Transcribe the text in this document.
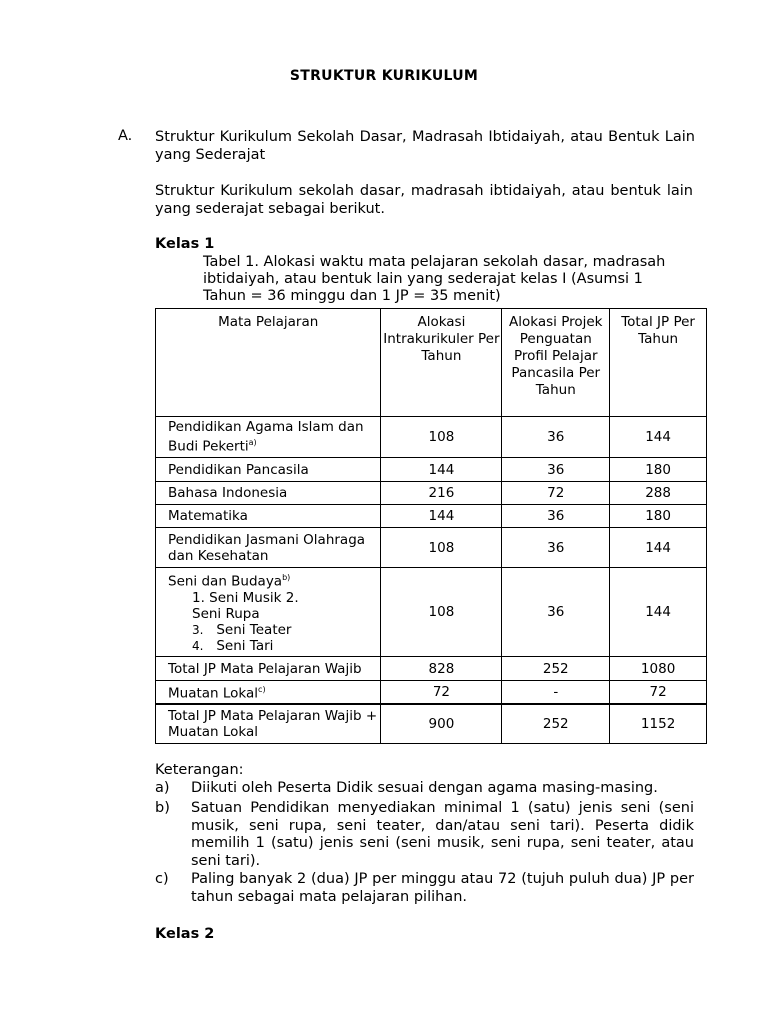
STRUKTUR KURIKULUM
A. Struktur Kurikulum Sekolah Dasar, Madrasah Ibtidaiyah, atau Bentuk Lain yang Sederajat
Struktur Kurikulum sekolah dasar, madrasah ibtidaiyah, atau bentuk lain yang sederajat sebagai berikut.
Kelas 1
Tabel 1. Alokasi waktu mata pelajaran sekolah dasar, madrasah ibtidaiyah, atau bentuk lain yang sederajat kelas I (Asumsi 1 Tahun = 36 minggu dan 1 JP = 35 menit)
Mata Pelajaran	Alokasi Intrakurikuler Per Tahun	Alokasi Projek Penguatan Profil Pelajar Pancasila Per Tahun	Total JP Per Tahun
Pendidikan Agama Islam dan Budi Pekerti$^{a)}$	108	36	144
Pendidikan Pancasila	144	36	180
Bahasa Indonesia	216	72	288
Matematika	144	36	180
Pendidikan Jasmani Olahraga dan Kesehatan	108	36	144
Seni dan Budaya$^{b)}$
1. Seni Musik 2.
Seni Rupa
3. Seni Teater
4. Seni Tari	108	36	144
Total JP Mata Pelajaran Wajib	828	252	1080
Muatan Lokal$^{c)}$	72	-	72
Total JP Mata Pelajaran Wajib + Muatan Lokal	900	252	1152
Keterangan:
a) Diikuti oleh Peserta Didik sesuai dengan agama masing-masing.
b) Satuan Pendidikan menyediakan minimal 1 (satu) jenis seni (seni musik, seni rupa, seni teater, dan/atau seni tari). Peserta didik memilih 1 (satu) jenis seni (seni musik, seni rupa, seni teater, atau seni tari).
c) Paling banyak 2 (dua) JP per minggu atau 72 (tujuh puluh dua) JP per tahun sebagai mata pelajaran pilihan.
Kelas 2
